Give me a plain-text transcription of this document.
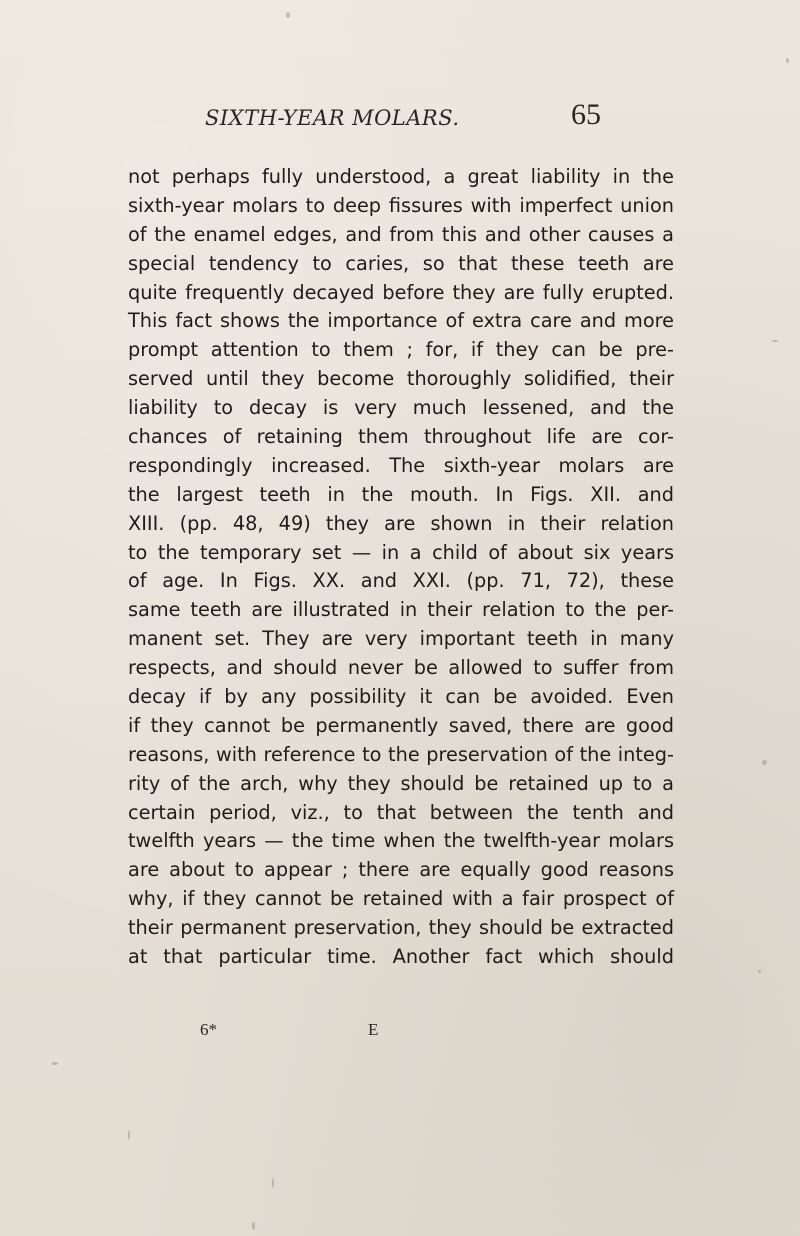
SIXTH-YEAR MOLARS.	65
not perhaps fully understood, a great liability in the
sixth-year molars to deep fissures with imperfect union
of the enamel edges, and from this and other causes a
special tendency to caries, so that these teeth are
quite frequently decayed before they are fully erupted.
This fact shows the importance of extra care and more
prompt attention to them ; for, if they can be pre-
served until they become thoroughly solidified, their
liability to decay is very much lessened, and the
chances of retaining them throughout life are cor-
respondingly increased. The sixth-year molars are
the largest teeth in the mouth. In Figs. XII. and
XIII. (pp. 48, 49) they are shown in their relation
to the temporary set — in a child of about six years
of age. In Figs. XX. and XXI. (pp. 71, 72), these
same teeth are illustrated in their relation to the per-
manent set. They are very important teeth in many
respects, and should never be allowed to suffer from
decay if by any possibility it can be avoided. Even
if they cannot be permanently saved, there are good
reasons, with reference to the preservation of the integ-
rity of the arch, why they should be retained up to a
certain period, viz., to that between the tenth and
twelfth years — the time when the twelfth-year molars
are about to appear ; there are equally good reasons
why, if they cannot be retained with a fair prospect of
their permanent preservation, they should be extracted
at that particular time. Another fact which should
6*	E
